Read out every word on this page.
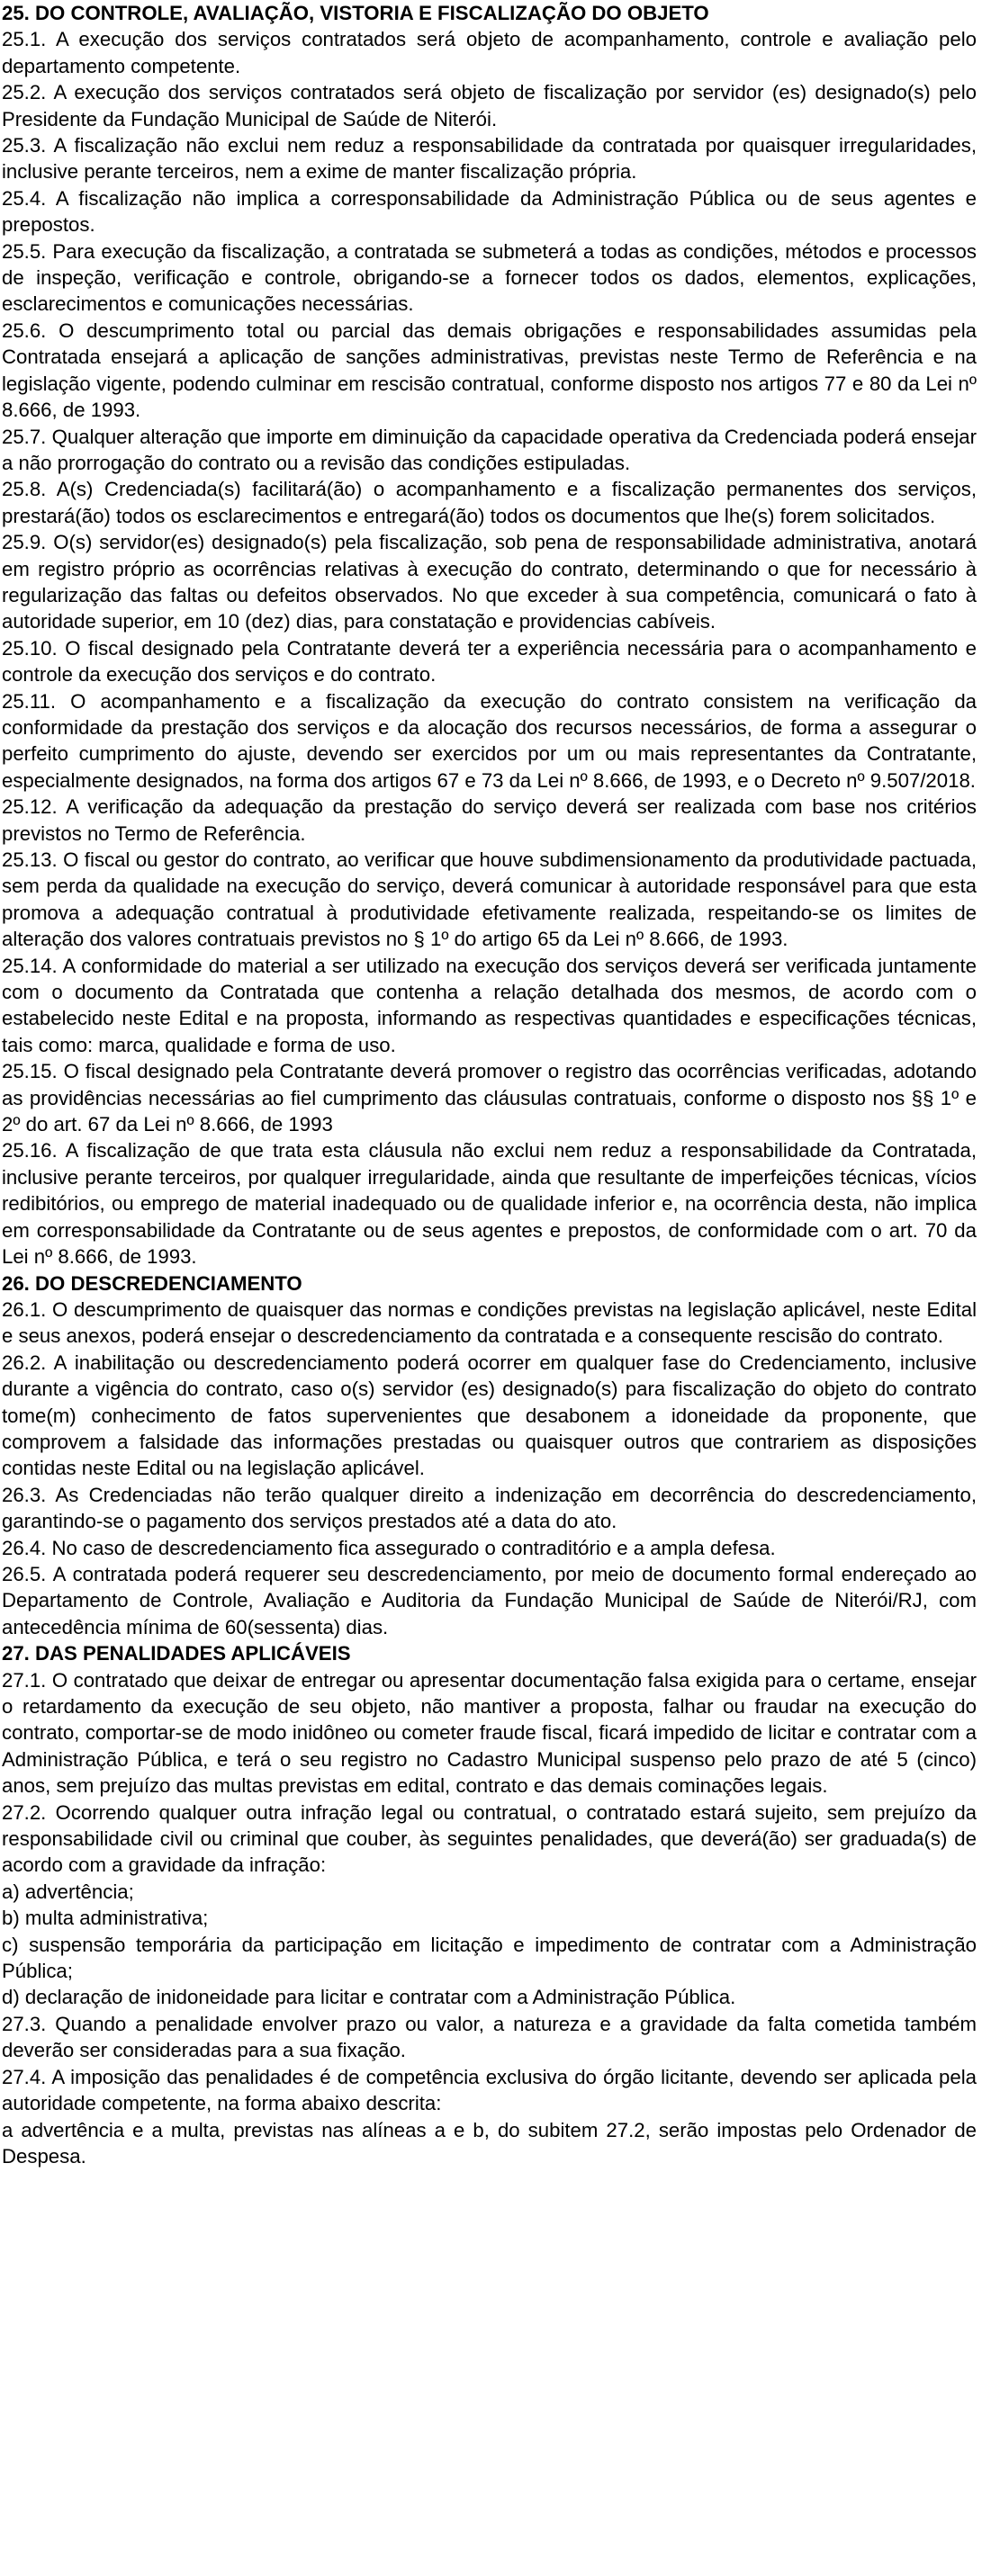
25. DO CONTROLE, AVALIAÇÃO, VISTORIA E FISCALIZAÇÃO DO OBJETO

25.1. A execução dos serviços contratados será objeto de acompanhamento, controle e avaliação pelo departamento competente.

25.2. A execução dos serviços contratados será objeto de fiscalização por servidor (es) designado(s) pelo Presidente da Fundação Municipal de Saúde de Niterói.

25.3. A fiscalização não exclui nem reduz a responsabilidade da contratada por quaisquer irregularidades, inclusive perante terceiros, nem a exime de manter fiscalização própria.

25.4. A fiscalização não implica a corresponsabilidade da Administração Pública ou de seus agentes e prepostos.

25.5. Para execução da fiscalização, a contratada se submeterá a todas as condições, métodos e processos de inspeção, verificação e controle, obrigando-se a fornecer todos os dados, elementos, explicações, esclarecimentos e comunicações necessárias.

25.6. O descumprimento total ou parcial das demais obrigações e responsabilidades assumidas pela Contratada ensejará a aplicação de sanções administrativas, previstas neste Termo de Referência e na legislação vigente, podendo culminar em rescisão contratual, conforme disposto nos artigos 77 e 80 da Lei nº 8.666, de 1993.

25.7. Qualquer alteração que importe em diminuição da capacidade operativa da Credenciada poderá ensejar a não prorrogação do contrato ou a revisão das condições estipuladas.

25.8. A(s) Credenciada(s) facilitará(ão) o acompanhamento e a fiscalização permanentes dos serviços, prestará(ão) todos os esclarecimentos e entregará(ão) todos os documentos que lhe(s) forem solicitados.

25.9. O(s) servidor(es) designado(s) pela fiscalização, sob pena de responsabilidade administrativa, anotará em registro próprio as ocorrências relativas à execução do contrato, determinando o que for necessário à regularização das faltas ou defeitos observados. No que exceder à sua competência, comunicará o fato à autoridade superior, em 10 (dez) dias, para constatação e providencias cabíveis.

25.10. O fiscal designado pela Contratante deverá ter a experiência necessária para o acompanhamento e controle da execução dos serviços e do contrato.

25.11. O acompanhamento e a fiscalização da execução do contrato consistem na verificação da conformidade da prestação dos serviços e da alocação dos recursos necessários, de forma a assegurar o perfeito cumprimento do ajuste, devendo ser exercidos por um ou mais representantes da Contratante, especialmente designados, na forma dos artigos 67 e 73 da Lei nº 8.666, de 1993, e o Decreto nº 9.507/2018.

25.12. A verificação da adequação da prestação do serviço deverá ser realizada com base nos critérios previstos no Termo de Referência.

25.13. O fiscal ou gestor do contrato, ao verificar que houve subdimensionamento da produtividade pactuada, sem perda da qualidade na execução do serviço, deverá comunicar à autoridade responsável para que esta promova a adequação contratual à produtividade efetivamente realizada, respeitando-se os limites de alteração dos valores contratuais previstos no § 1º do artigo 65 da Lei nº 8.666, de 1993.

25.14. A conformidade do material a ser utilizado na execução dos serviços deverá ser verificada juntamente com o documento da Contratada que contenha a relação detalhada dos mesmos, de acordo com o estabelecido neste Edital e na proposta, informando as respectivas quantidades e especificações técnicas, tais como: marca, qualidade e forma de uso.

25.15. O fiscal designado pela Contratante deverá promover o registro das ocorrências verificadas, adotando as providências necessárias ao fiel cumprimento das cláusulas contratuais, conforme o disposto nos §§ 1º e 2º do art. 67 da Lei nº 8.666, de 1993

25.16. A fiscalização de que trata esta cláusula não exclui nem reduz a responsabilidade da Contratada, inclusive perante terceiros, por qualquer irregularidade, ainda que resultante de imperfeições técnicas, vícios redibitórios, ou emprego de material inadequado ou de qualidade inferior e, na ocorrência desta, não implica em corresponsabilidade da Contratante ou de seus agentes e prepostos, de conformidade com o art. 70 da Lei nº 8.666, de 1993.

26. DO DESCREDENCIAMENTO

26.1. O descumprimento de quaisquer das normas e condições previstas na legislação aplicável, neste Edital e seus anexos, poderá ensejar o descredenciamento da contratada e a consequente rescisão do contrato.

26.2. A inabilitação ou descredenciamento poderá ocorrer em qualquer fase do Credenciamento, inclusive durante a vigência do contrato, caso o(s) servidor (es) designado(s) para fiscalização do objeto do contrato tome(m) conhecimento de fatos supervenientes que desabonem a idoneidade da proponente, que comprovem a falsidade das informações prestadas ou quaisquer outros que contrariem as disposições contidas neste Edital ou na legislação aplicável.

26.3. As Credenciadas não terão qualquer direito a indenização em decorrência do descredenciamento, garantindo-se o pagamento dos serviços prestados até a data do ato.

26.4. No caso de descredenciamento fica assegurado o contraditório e a ampla defesa.

26.5. A contratada poderá requerer seu descredenciamento, por meio de documento formal endereçado ao Departamento de Controle, Avaliação e Auditoria da Fundação Municipal de Saúde de Niterói/RJ, com antecedência mínima de 60(sessenta) dias.

27. DAS PENALIDADES APLICÁVEIS

27.1. O contratado que deixar de entregar ou apresentar documentação falsa exigida para o certame, ensejar o retardamento da execução de seu objeto, não mantiver a proposta, falhar ou fraudar na execução do contrato, comportar-se de modo inidôneo ou cometer fraude fiscal, ficará impedido de licitar e contratar com a Administração Pública, e terá o seu registro no Cadastro Municipal suspenso pelo prazo de até 5 (cinco) anos, sem prejuízo das multas previstas em edital, contrato e das demais cominações legais.

27.2. Ocorrendo qualquer outra infração legal ou contratual, o contratado estará sujeito, sem prejuízo da responsabilidade civil ou criminal que couber, às seguintes penalidades, que deverá(ão) ser graduada(s) de acordo com a gravidade da infração:

a) advertência;

b) multa administrativa;

c) suspensão temporária da participação em licitação e impedimento de contratar com a Administração Pública;

d) declaração de inidoneidade para licitar e contratar com a Administração Pública.

27.3. Quando a penalidade envolver prazo ou valor, a natureza e a gravidade da falta cometida também deverão ser consideradas para a sua fixação.

27.4. A imposição das penalidades é de competência exclusiva do órgão licitante, devendo ser aplicada pela autoridade competente, na forma abaixo descrita:

a advertência e a multa, previstas nas alíneas a e b, do subitem 27.2, serão impostas pelo Ordenador de Despesa.
